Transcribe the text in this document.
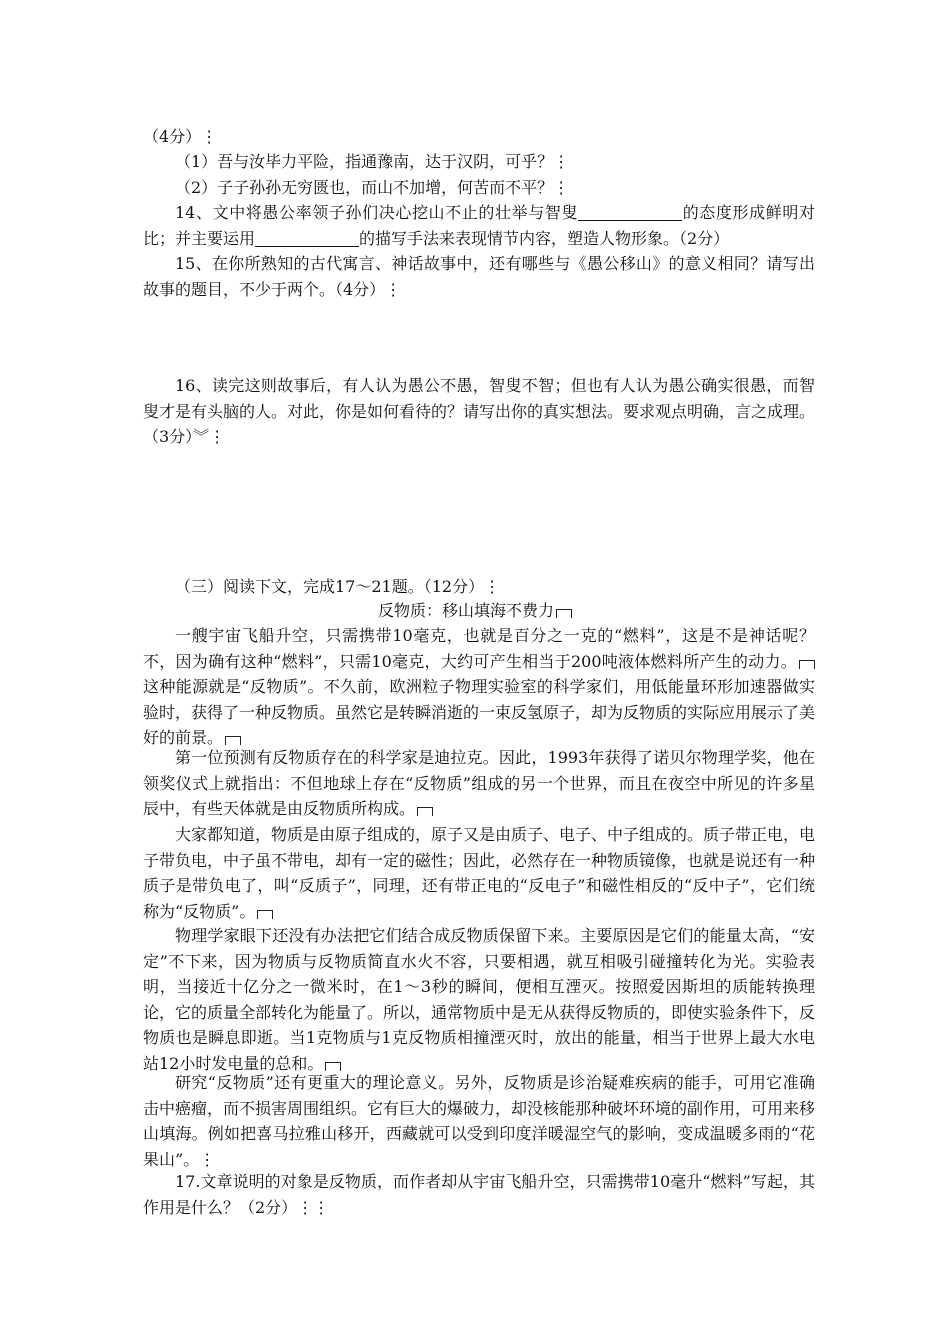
（4分）⋮

（1）吾与汝毕力平险，指通豫南，达于汉阴，可乎？⋮

（2）子子孙孙无穷匮也，而山不加增，何苦而不平？⋮

14、文中将愚公率领子孙们决心挖山不止的壮举与智叟	的态度形成鲜明对比；并主要运用	的描写手法来表现情节内容，塑造人物形象。（2分）

15、在你所熟知的古代寓言、神话故事中，还有哪些与《愚公移山》的意义相同？请写出故事的题目，不少于两个。（4分）⋮

16、读完这则故事后，有人认为愚公不愚，智叟不智；但也有人认为愚公确实很愚，而智叟才是有头脑的人。对此，你是如何看待的？请写出你的真实想法。要求观点明确，言之成理。（3分）︾⋮

（三）阅读下文，完成17～21题。（12分）⋮

反物质：移山填海不费力

一艘宇宙飞船升空，只需携带10毫克，也就是百分之一克的“燃料”，这是不是神话呢？不，因为确有这种“燃料”，只需10毫克，大约可产生相当于200吨液体燃料所产生的动力。 这种能源就是“反物质”。不久前，欧洲粒子物理实验室的科学家们，用低能量环形加速器做实验时，获得了一种反物质。虽然它是转瞬消逝的一束反氢原子，却为反物质的实际应用展示了美好的前景。

第一位预测有反物质存在的科学家是迪拉克。因此，1993年获得了诺贝尔物理学奖，他在领奖仪式上就指出：不但地球上存在“反物质”组成的另一个世界，而且在夜空中所见的许多星辰中，有些天体就是由反物质所构成。

大家都知道，物质是由原子组成的，原子又是由质子、电子、中子组成的。质子带正电，电子带负电，中子虽不带电，却有一定的磁性；因此，必然存在一种物质镜像，也就是说还有一种质子是带负电了，叫“反质子”，同理，还有带正电的“反电子”和磁性相反的“反中子”，它们统称为“反物质”。

物理学家眼下还没有办法把它们结合成反物质保留下来。主要原因是它们的能量太高，“安定”不下来，因为物质与反物质简直水火不容，只要相遇，就互相吸引碰撞转化为光。实验表明，当接近十亿分之一微米时，在1～3秒的瞬间，便相互湮灭。按照爱因斯坦的质能转换理论，它的质量全部转化为能量了。所以，通常物质中是无从获得反物质的，即使实验条件下，反物质也是瞬息即逝。当1克物质与1克反物质相撞湮灭时，放出的能量，相当于世界上最大水电站12小时发电量的总和。

研究“反物质”还有更重大的理论意义。另外，反物质是诊治疑难疾病的能手，可用它准确击中癌瘤，而不损害周围组织。它有巨大的爆破力，却没核能那种破坏环境的副作用，可用来移山填海。例如把喜马拉雅山移开，西藏就可以受到印度洋暖湿空气的影响，变成温暖多雨的“花果山”。⋮

17.文章说明的对象是反物质，而作者却从宇宙飞船升空，只需携带10毫升“燃料”写起，其作用是什么？（2分）⋮⋮
